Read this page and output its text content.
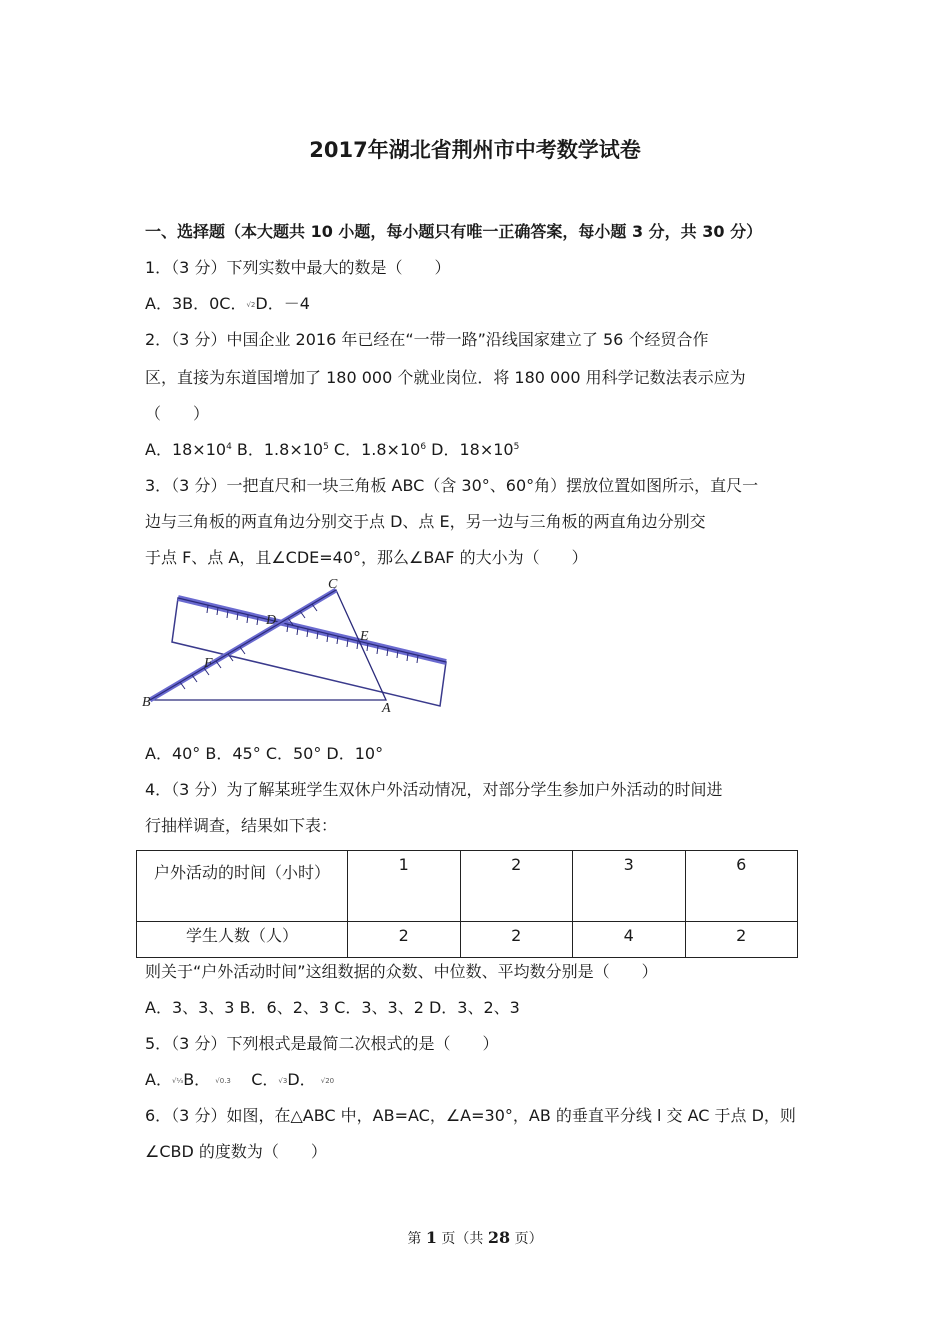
2017年湖北省荆州市中考数学试卷
一、选择题（本大题共 10 小题，每小题只有唯一正确答案，每小题 3 分，共 30 分）
1．（3 分）下列实数中最大的数是（　　）
A．3B．0C．√2D．－4
2．（3 分）中国企业 2016 年已经在“一带一路”沿线国家建立了 56 个经贸合作
区，直接为东道国增加了 180 000 个就业岗位．将 180 000 用科学记数法表示应为
（　　）
A．$18\times 10^4$ B．$1.8\times 10^5$ C．$1.8\times 10^6$ D．$18\times 10^5$
3．（3 分）一把直尺和一块三角板 ABC（含 30°、60°角）摆放位置如图所示，直尺一
边与三角板的两直角边分别交于点 D、点 E，另一边与三角板的两直角边分别交
于点 F、点 A，且∠CDE=40°，那么∠BAF 的大小为（　　）
C
D
E
F
B	A
A．40° B．45° C．50° D．10°
4．（3 分）为了解某班学生双休户外活动情况，对部分学生参加户外活动的时间进
行抽样调查，结果如下表：
户外活动的时间（小时）	1	2	3	6
学生人数（人）	2	2	4	2
则关于“户外活动时间”这组数据的众数、中位数、平均数分别是（　　）
A．3、3、3 B．6、2、3 C．3、3、2 D．3、2、3
5．（3 分）下列根式是最简二次根式的是（　　）
A．√⅓B． √0.3 C．√3D． √20
6．（3 分）如图，在△ABC 中，AB=AC，∠A=30°，AB 的垂直平分线 l 交 AC 于点 D，则
∠CBD 的度数为（　　）
第 1 页（共 28 页）
